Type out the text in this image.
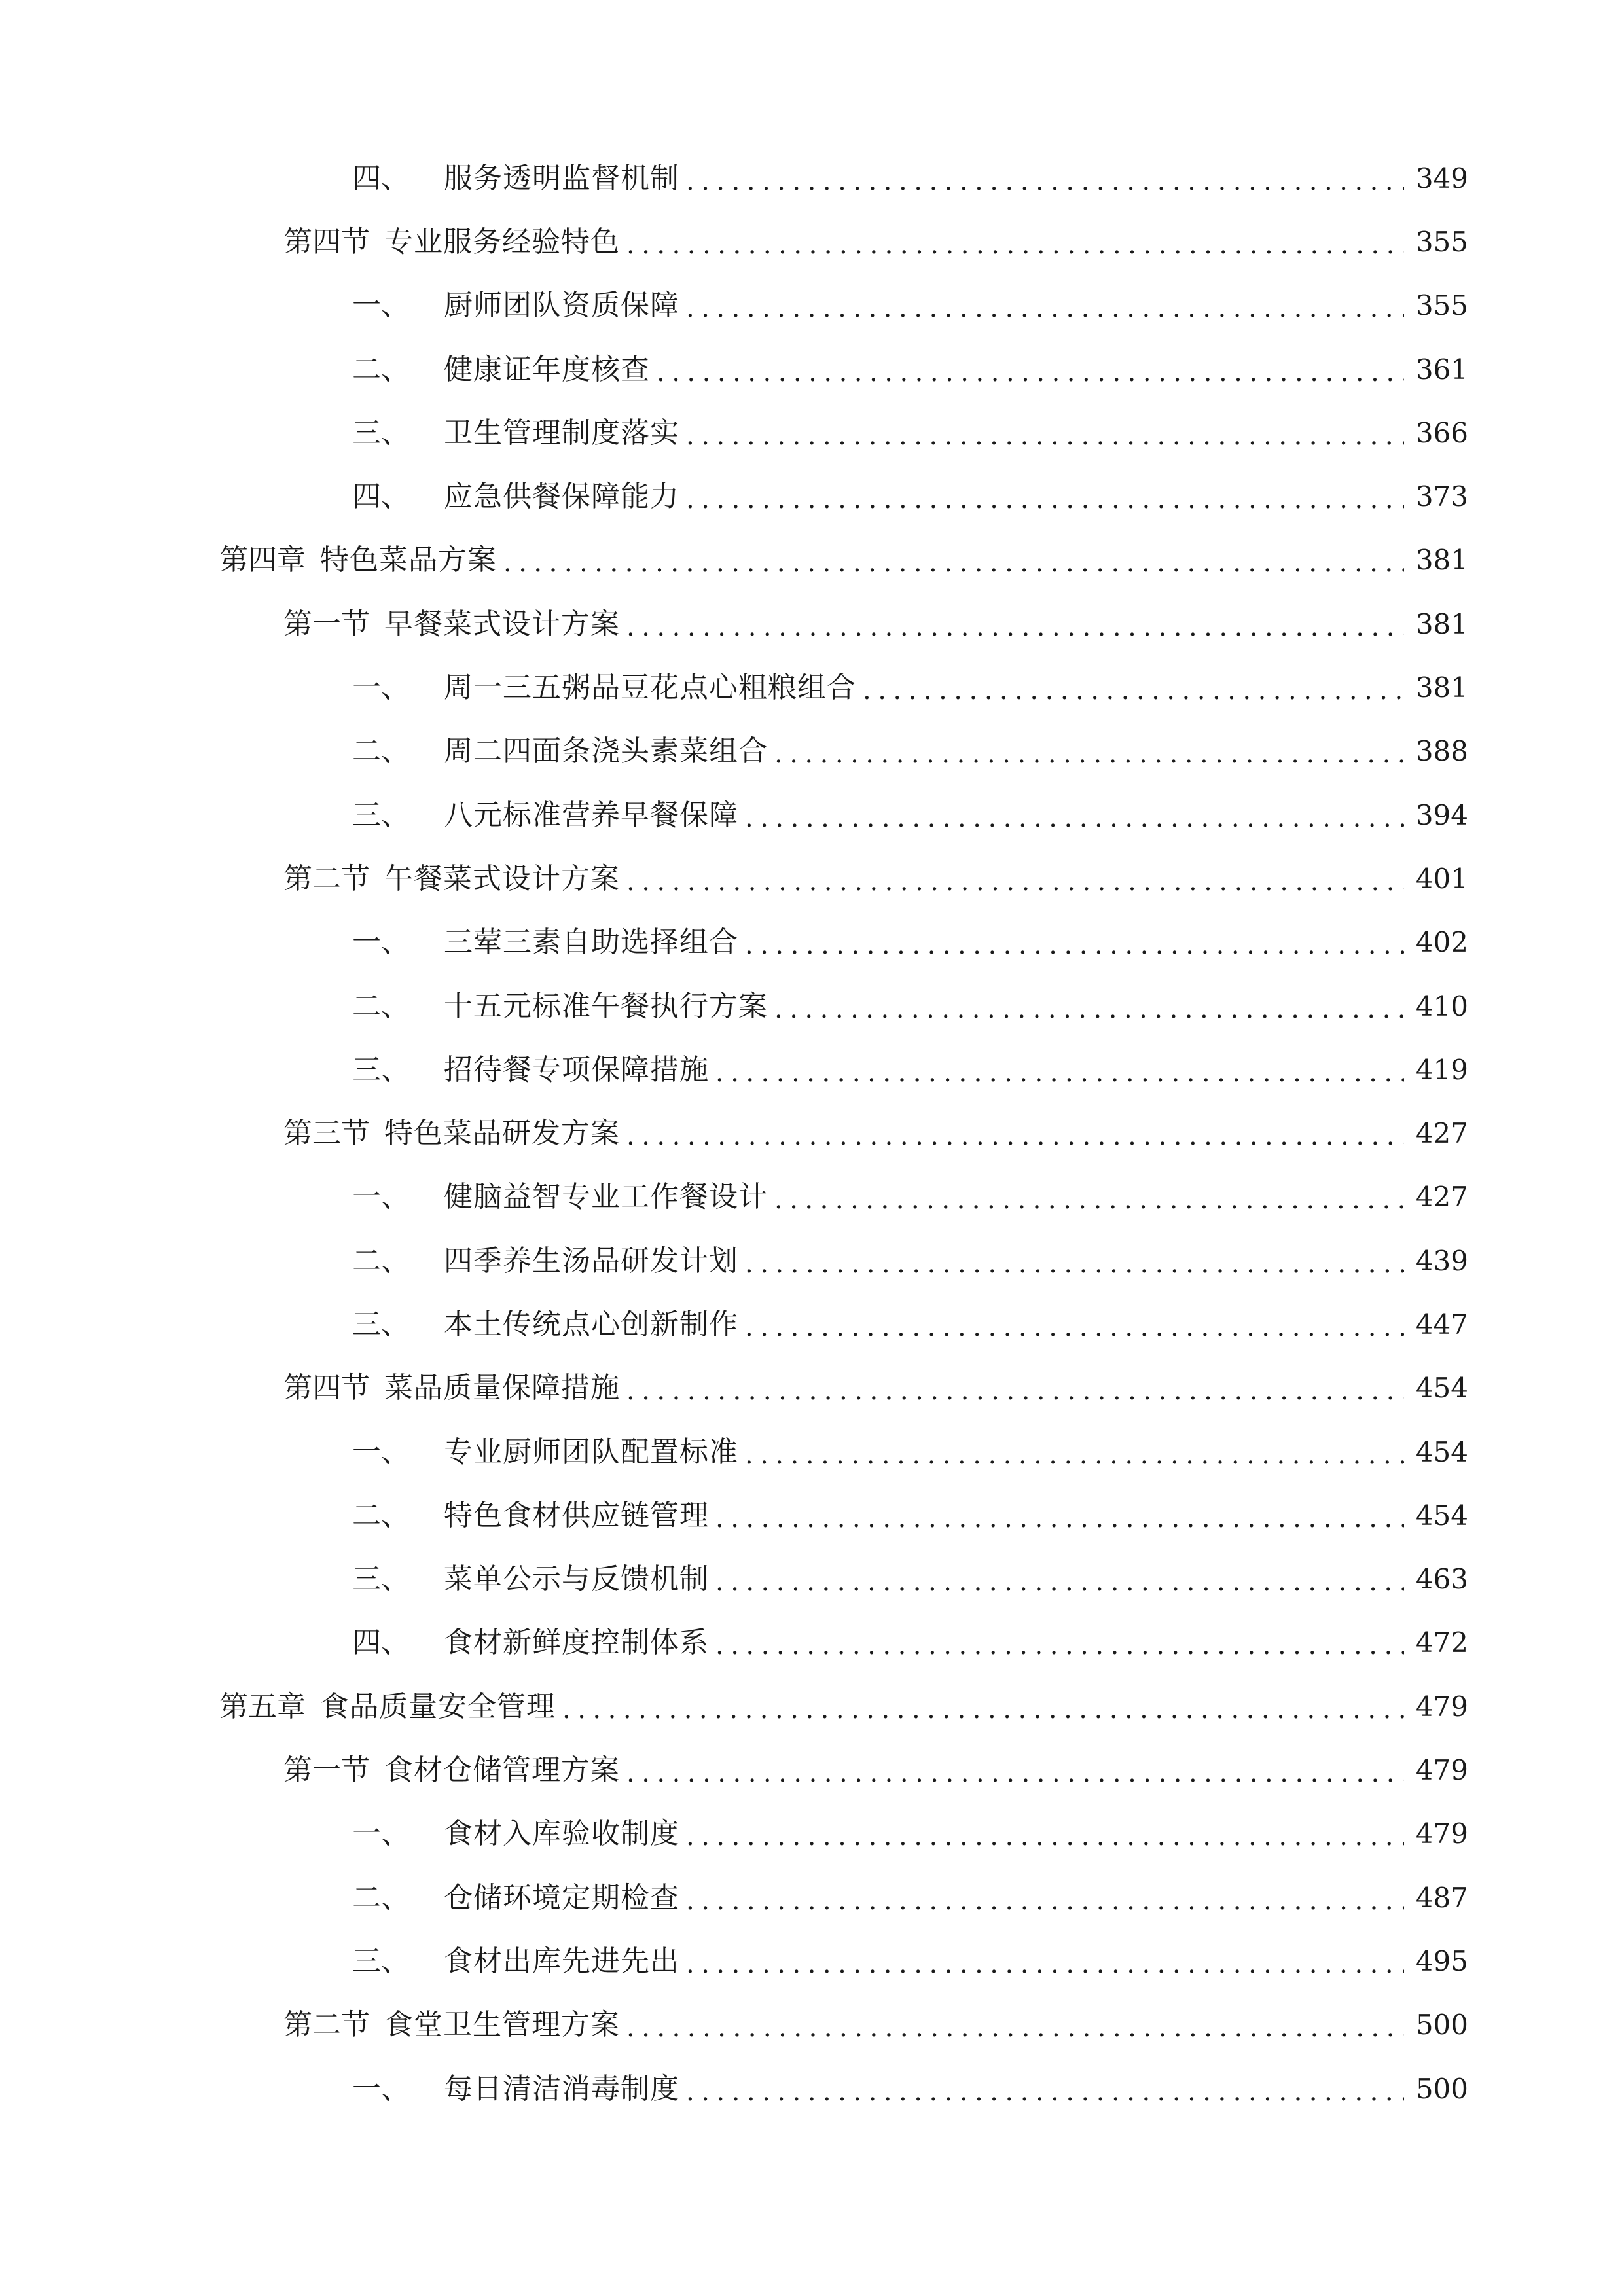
四、 服务透明监督机制 .....	349
第四节 专业服务经验特色 .....	355
一、 厨师团队资质保障 .....	355
二、 健康证年度核查 .....	361
三、 卫生管理制度落实 .....	366
四、 应急供餐保障能力 .....	373
第四章 特色菜品方案 .....	381
第一节 早餐菜式设计方案 .....	381
一、 周一三五粥品豆花点心粗粮组合 .....	381
二、 周二四面条浇头素菜组合 .....	388
三、 八元标准营养早餐保障 .....	394
第二节 午餐菜式设计方案 .....	401
一、 三荤三素自助选择组合 .....	402
二、 十五元标准午餐执行方案 .....	410
三、 招待餐专项保障措施 .....	419
第三节 特色菜品研发方案 .....	427
一、 健脑益智专业工作餐设计 .....	427
二、 四季养生汤品研发计划 .....	439
三、 本土传统点心创新制作 .....	447
第四节 菜品质量保障措施 .....	454
一、 专业厨师团队配置标准 .....	454
二、 特色食材供应链管理 .....	454
三、 菜单公示与反馈机制 .....	463
四、 食材新鲜度控制体系 .....	472
第五章 食品质量安全管理 .....	479
第一节 食材仓储管理方案 .....	479
一、 食材入库验收制度 .....	479
二、 仓储环境定期检查 .....	487
三、 食材出库先进先出 .....	495
第二节 食堂卫生管理方案 .....	500
一、 每日清洁消毒制度 .....	500
